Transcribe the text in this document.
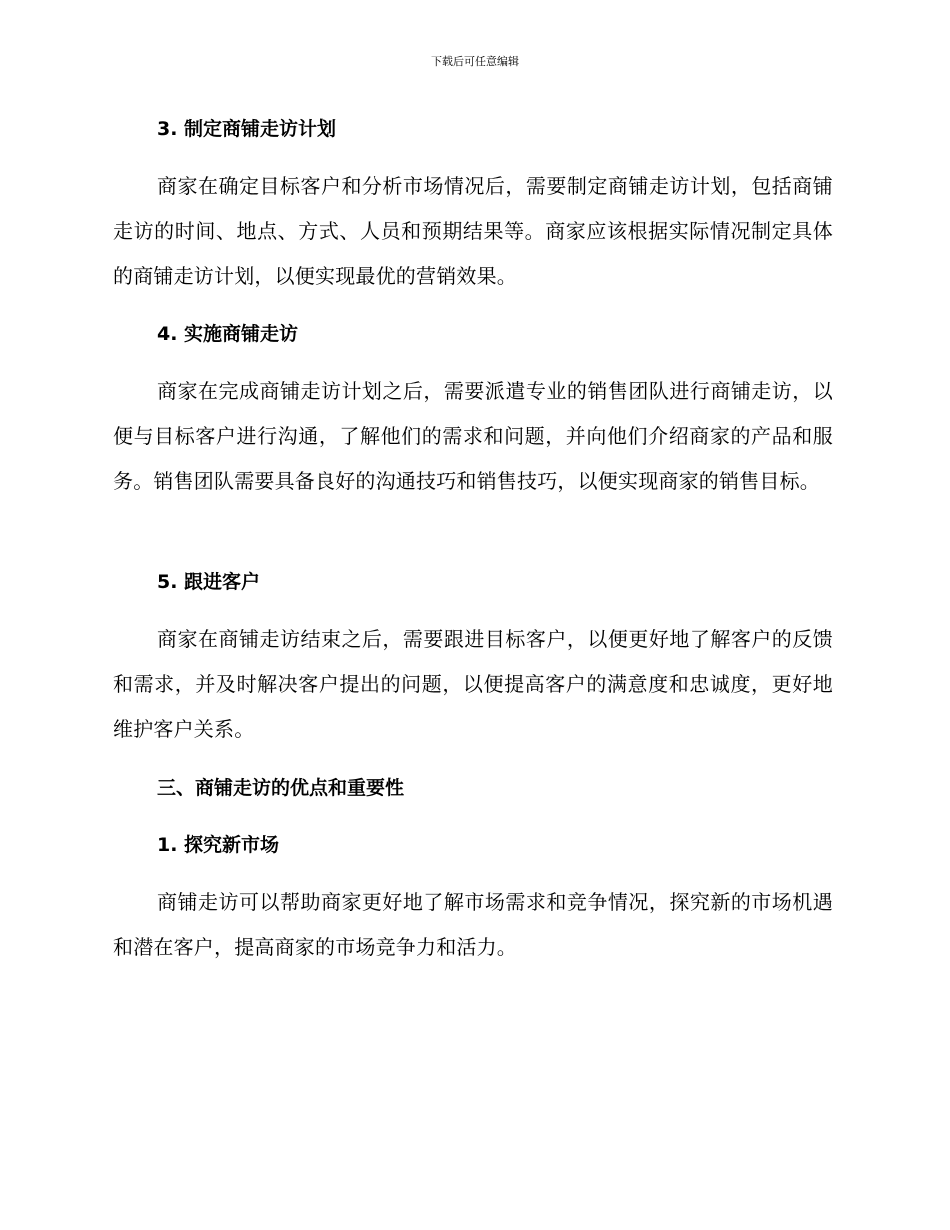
下载后可任意编辑
3. 制定商铺走访计划
商家在确定目标客户和分析市场情况后，需要制定商铺走访计划，包括商铺走访的时间、地点、方式、人员和预期结果等。商家应该根据实际情况制定具体的商铺走访计划，以便实现最优的营销效果。
4. 实施商铺走访
商家在完成商铺走访计划之后，需要派遣专业的销售团队进行商铺走访，以便与目标客户进行沟通，了解他们的需求和问题，并向他们介绍商家的产品和服务。销售团队需要具备良好的沟通技巧和销售技巧，以便实现商家的销售目标。
5. 跟进客户
商家在商铺走访结束之后，需要跟进目标客户，以便更好地了解客户的反馈和需求，并及时解决客户提出的问题，以便提高客户的满意度和忠诚度，更好地维护客户关系。
三、商铺走访的优点和重要性
1. 探究新市场
商铺走访可以帮助商家更好地了解市场需求和竞争情况，探究新的市场机遇和潜在客户，提高商家的市场竞争力和活力。
